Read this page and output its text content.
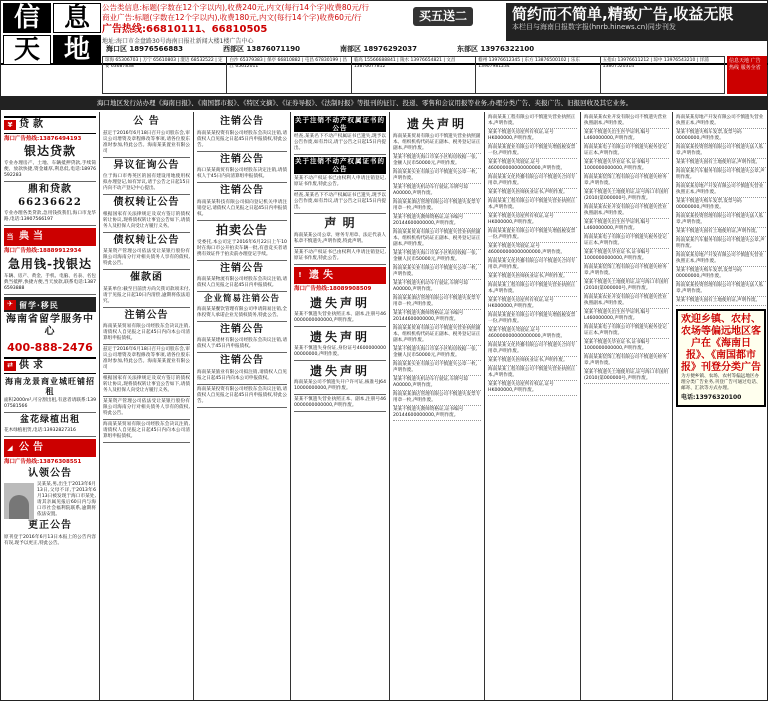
信 息
天 地
公告类信息:标题(字数在12个字以内),收费240元,内文(每行14个字)收费80元/行
商业广告:标题(字数在12个字以内),收费180元,内文(每行14个字)收费60元/行
广告热线:66810111、66810505
买五送二	简约而不简单,精致广告,收益无限
本栏目与海南日报数字报(hnrb.hinews.cn)同步刊发
海口区 18976566883	西部区 13876071190	南部区 18976292037	东部区 13976322100
琼海 65306703 | 万宁 65610803 | 澄迈 68532522 | 定安 63687838
白沙 65379383 | 保亭 66810882 | 屯昌 67830199 | 昌江 65612011
临高 15566688841 | 陵水 13976654821 | 文昌 13876677812
儋州 13976612345 | 东方 13876500102 | 乐东 13907981234
五指山 13976611212 | 琼中 13976543210 | 洋浦 13807520314
信息天地 广告热线 服务全省
地址:海口市金盘路30号海南日报社新闻大楼1楼广告中心
海口地区发行站办理《海南日报》、《南国都市报》、《特区文摘》、《证券导报》、《法制时报》等报刊的征订、投递、零售和会议用报等业务,办理分类广告、夹报广告、旧报回收及其它业务。
¥ 贷款
海口广告热线:13876494193
银达贷款
专业办理房产、土地、车辆抵押贷款,手续简便、放款快捷,资金雄厚,利息低,电话:18976592283
鼎和贷款66236622
专业办理各类贷款,急用钱找我们,海口市龙华路,电话:13907566197
当 典当
海口广告热线:18889912934
急用钱-找银达
车辆、房产、黄金、手机、电脑、名表、名包典当抵押,快捷方便,当天放款,联系电话:13876593888
✈ 留学·移民
海南省留学服务中心
400-888-2476
⇄ 供求
海南龙景商业城旺铺招租
面积2000m²,可分割出租,有意者请联系:13907581566
盆花绿植出租
花木绿植租赁,电话:13932827316
◢ 公告
海口广告热线:13876308551
认领公告
吴某某,男,出生于2013年6月13日,父母不详,于2013年6月13日被发现于海口市某处,请其亲属见报后60日内与海口市社会福利院联系,逾期将依法安置。
更正公告
原刊登于2016年6月13日本报上的公告内容有误,现予以更正,特此公告。
公 告
兹定于2016年6月18日召开公司股东会,审议公司增资及章程修改等事项,请各位股东准时参加,特此公告。海南某某置业有限公司
异议征询公告
位于海口市秀英区的国有建设用地使用权拟办理登记,如有异议,请于公告之日起15日内向不动产登记中心提出。
债权转让公告
根据国家有关法律规定及双方签订的债权转让协议,现将债权转让事宜公告如下,请债务人及担保人向受让方履行义务。
债权转让公告
某某资产管理公司依法受让某银行股份有限公司海南分行对相关债务人享有的债权,特此公告。
催款函
某某单位:截至目前贵方尚欠我司款项未付,请于见报之日起10日内清偿,逾期将依法追究。
注销公告
海南某某贸易有限公司经股东会决议注销,请债权人自见报之日起45日内向本公司清算组申报债权。
兹定于2016年6月18日召开公司股东会,审议公司增资及章程修改等事项,请各位股东准时参加,特此公告。海南某某置业有限公司
根据国家有关法律规定及双方签订的债权转让协议,现将债权转让事宜公告如下,请债务人及担保人向受让方履行义务。
某某资产管理公司依法受让某银行股份有限公司海南分行对相关债务人享有的债权,特此公告。
海南某某贸易有限公司经股东会决议注销,请债权人自见报之日起45日内向本公司清算组申报债权。
注销公告
海南某某投资有限公司经股东会决议注销,请债权人自见报之日起45日内申报债权,特此公告。
注销公告
海口某某商贸有限公司经股东决定注销,请债权人于45日内向清算组申报债权。
注销公告
海南某某科技有限公司拟向登记机关申请注销登记,请债权人自见报之日起45日内申报债权。
拍卖公告
受委托,本公司定于2016年6月22日上午10时在海口市公开拍卖车辆一批,有意竞买者请携有效证件于拍卖前办理登记手续。
注销公告
海南某某物流有限公司经股东会决议注销,请债权人自见报之日起45日内申报债权。
企业简易注销公告
海南某某餐饮管理有限公司申请简易注销,全体投资人承诺企业无债权债务,特此公告。
注销公告
海南某某建材有限公司经股东会决议注销,请债权人于45日内申报债权。
注销公告
海南某某旅业有限公司拟注销,请债权人自见报之日起45日内向本公司申报债权。
海南某某投资有限公司经股东会决议注销,请债权人自见报之日起45日内申报债权,特此公告。
关于注销不动产权属证书的公告
经查,某某名下不动产权属证书已遗失,现予以公告作废,如有异议,请于公告之日起15日内提出。
关于注销不动产权属证书的公告
某某不动产权证书已由权利人申请注销登记,原证书作废,特此公告。
经查,某某名下不动产权属证书已遗失,现予以公告作废,如有异议,请于公告之日起15日内提出。
声 明
海南某某公司公章、财务专用章、法定代表人私章不慎遗失,声明作废,特此声明。
某某不动产权证书已由权利人申请注销登记,原证书作废,特此公告。
! 遗失
海口广告热线:18089908509
遗失声明
某某不慎遗失营业执照正本、副本,注册号460000000000000,声明作废。
遗失声明
某某不慎遗失身份证,身份证号460000000000000000,声明作废。
遗失声明
海南某某公司不慎遗失开户许可证,核准号J6410000000000,声明作废。
某某不慎遗失营业执照正本、副本,注册号460000000000000,声明作废。
遗失声明
海南某某贸易有限公司不慎遗失营业执照副本、组织机构代码证正副本、税务登记证正副本,声明作废。
某某不慎遗失海口市某小区购房收据一张,金额人民币50000元,声明作废。
海南某某实业有限公司不慎遗失公章一枚,声明作废。
某某不慎遗失机动车行驶证,车牌号琼A00000,声明作废。
海南某某酒店管理有限公司不慎遗失发票专用章一枚,声明作废。
某某不慎遗失教师资格证,证书编号20144600000000,声明作废。
海南某某贸易有限公司不慎遗失营业执照副本、组织机构代码证正副本、税务登记证正副本,声明作废。
某某不慎遗失海口市某小区购房收据一张,金额人民币50000元,声明作废。
海南某某实业有限公司不慎遗失公章一枚,声明作废。
某某不慎遗失机动车行驶证,车牌号琼A00000,声明作废。
海南某某酒店管理有限公司不慎遗失发票专用章一枚,声明作废。
某某不慎遗失教师资格证,证书编号20144600000000,声明作废。
海南某某贸易有限公司不慎遗失营业执照副本、组织机构代码证正副本、税务登记证正副本,声明作废。
某某不慎遗失海口市某小区购房收据一张,金额人民币50000元,声明作废。
海南某某实业有限公司不慎遗失公章一枚,声明作废。
某某不慎遗失机动车行驶证,车牌号琼A00000,声明作废。
海南某某酒店管理有限公司不慎遗失发票专用章一枚,声明作废。
某某不慎遗失教师资格证,证书编号20144600000000,声明作废。
海南某某工程有限公司不慎遗失营业执照正本,声明作废。
某某不慎遗失房屋所有权证,证号HK000000,声明作废。
海南某某置业有限公司不慎遗失增值税发票一份,声明作废。
某某不慎遗失驾驶证,证号460000000000000000,声明作废。
海南某某文化传播有限公司不慎遗失合同专用章,声明作废。
某某不慎遗失医师执业证书,声明作废。
海南某某工程有限公司不慎遗失营业执照正本,声明作废。
某某不慎遗失房屋所有权证,证号HK000000,声明作废。
海南某某置业有限公司不慎遗失增值税发票一份,声明作废。
某某不慎遗失驾驶证,证号460000000000000000,声明作废。
海南某某文化传播有限公司不慎遗失合同专用章,声明作废。
某某不慎遗失医师执业证书,声明作废。
海南某某工程有限公司不慎遗失营业执照正本,声明作废。
某某不慎遗失房屋所有权证,证号HK000000,声明作废。
海南某某置业有限公司不慎遗失增值税发票一份,声明作废。
某某不慎遗失驾驶证,证号460000000000000000,声明作废。
海南某某文化传播有限公司不慎遗失合同专用章,声明作废。
某某不慎遗失医师执业证书,声明作废。
海南某某工程有限公司不慎遗失营业执照正本,声明作废。
某某不慎遗失房屋所有权证,证号HK000000,声明作废。
海南某某农业开发有限公司不慎遗失营业执照副本,声明作废。
某某不慎遗失出生医学证明,编号L460000000,声明作废。
海南某某电子有限公司不慎遗失税务登记证正本,声明作废。
某某不慎遗失毕业证书,证书编号1000000000000,声明作废。
海南某某装饰工程有限公司不慎遗失财务章,声明作废。
某某不慎遗失土地使用证,证号海口市国用(2010)第000000号,声明作废。
海南某某农业开发有限公司不慎遗失营业执照副本,声明作废。
某某不慎遗失出生医学证明,编号L460000000,声明作废。
海南某某电子有限公司不慎遗失税务登记证正本,声明作废。
某某不慎遗失毕业证书,证书编号1000000000000,声明作废。
海南某某装饰工程有限公司不慎遗失财务章,声明作废。
某某不慎遗失土地使用证,证号海口市国用(2010)第000000号,声明作废。
海南某某农业开发有限公司不慎遗失营业执照副本,声明作废。
某某不慎遗失出生医学证明,编号L460000000,声明作废。
海南某某电子有限公司不慎遗失税务登记证正本,声明作废。
某某不慎遗失毕业证书,证书编号1000000000000,声明作废。
海南某某装饰工程有限公司不慎遗失财务章,声明作废。
某某不慎遗失土地使用证,证号海口市国用(2010)第000000号,声明作废。
海南某某房地产开发有限公司不慎遗失营业执照正本,声明作废。
某某不慎遗失购车发票,发票号码00000000,声明作废。
海南某某投资管理有限公司不慎遗失法人私章,声明作废。
某某不慎遗失国有土地使用证,声明作废。
海南某某汽车服务有限公司不慎遗失公章,声明作废。
海南某某房地产开发有限公司不慎遗失营业执照正本,声明作废。
某某不慎遗失购车发票,发票号码00000000,声明作废。
海南某某投资管理有限公司不慎遗失法人私章,声明作废。
某某不慎遗失国有土地使用证,声明作废。
海南某某汽车服务有限公司不慎遗失公章,声明作废。
海南某某房地产开发有限公司不慎遗失营业执照正本,声明作废。
某某不慎遗失购车发票,发票号码00000000,声明作废。
海南某某投资管理有限公司不慎遗失法人私章,声明作废。
某某不慎遗失国有土地使用证,声明作废。
欢迎乡镇、农村、农场等偏远地区客户在《海南日报》、《南国都市报》刊登分类广告
为方便乡镇、农场、农村等偏远地区办理分类广告业务,刊登广告可通过电话、邮寄、汇款等方式办理。
电话:13976320100
